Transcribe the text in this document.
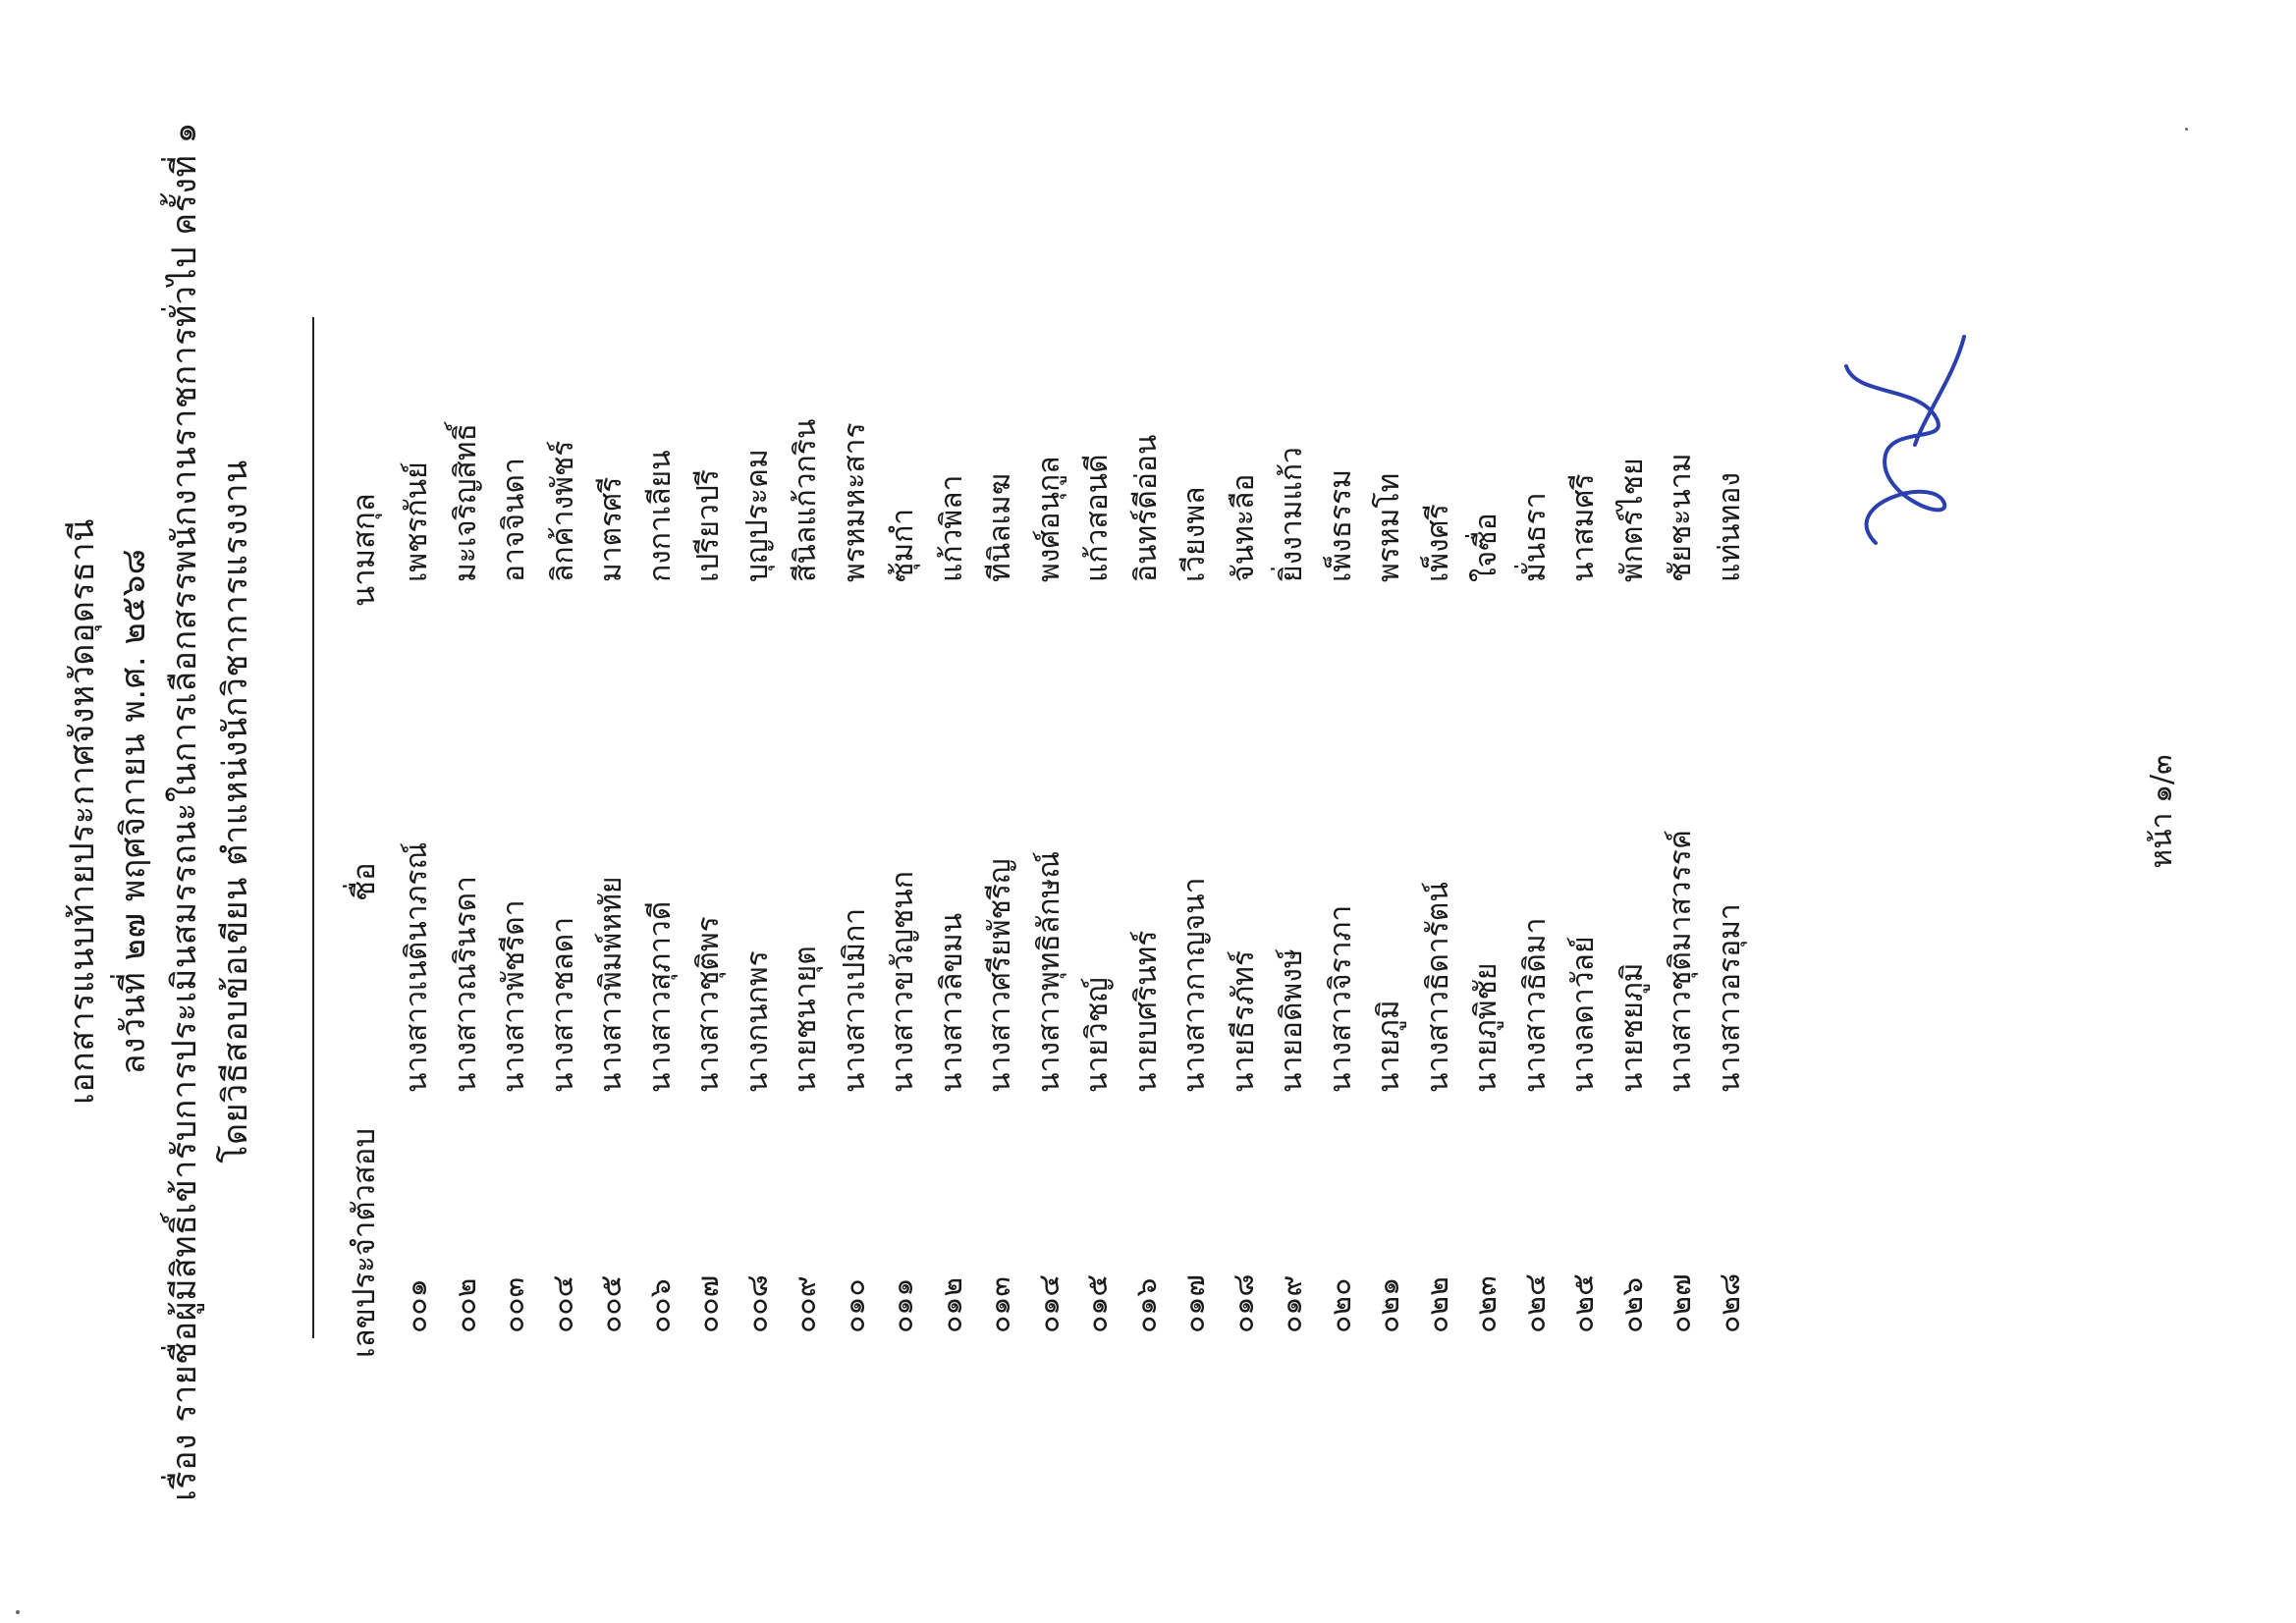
เอกสารแนบท้ายประกาศจังหวัดอุดรธานี ลงวันที่ ๒๗ พฤศจิกายน พ.ศ. ๒๕๖๘ เรื่อง รายชื่อผู้มีสิทธิ์เข้ารับการประเมินสมรรถนะในการเลือกสรรพนักงานราชการทั่วไป ครั้งที่ ๑ โดยวิธีสอบข้อเขียน ตำแหน่งนักวิชาการแรงงาน
เลขประจำตัวสอบ
ชื่อ
นามสกุล
๐๐๑
นางสาวเนตินาภรณ์
เพชรกันย์
๐๐๒
นางสาวณรินรดา
มะเจริญสิทธิ์
๐๐๓
นางสาวพัชรีดา
อาจจินดา
๐๐๔
นางสาวชลดา
ลิกค้างพัชร์
๐๐๕
นางสาวพิมพ์หทัย
มาตรศรี
๐๐๖
นางสาวสุภาวดี
กงกาเลียน
๐๐๗
นางสาวชุติพร
เปรียวปรี
๐๐๘
นางกนกพร
บุญประคม
๐๐๙
นายชนายุต
สีนิลแก้วกริน
๐๑๐
นางสาวเปมิกา
พรหมหะสาร
๐๑๑
นางสาวขวัญชนก
ซุ้มกำ
๐๑๒
นางสาวลิขมน
แก้วพิลา
๐๑๓
นางสาวศรียพัชรีญ
ทีนิลเมฆ
๐๑๔
นางสาวพุทธิลักษณ์
พงศ์อนุกูล
๐๑๕
นายวิชญ์
แก้วสอนดี
๐๑๖
นายบศรินทร์
อินทร์ดีอ่อน
๐๑๗
นางสาวกาญจนา
เวียงพล
๐๑๘
นายธีรภัทร์
จันทะลือ
๐๑๙
นายอดิพงษ์
ยิ่งงามแก้ว
๐๒๐
นางสาวจิราภา
เพ็งธรรม
๐๒๑
นายภูมิ
พรหมโท
๐๒๒
นางสาวธิดารัตน์
เพ็งศรี
๐๒๓
นายภูพิชัย
ใจซื่อ
๐๒๔
นางสาวธิดิมา
มั่นธรา
๐๒๕
นางลดาวัลย์
นาสมศรี
๐๒๖
นายชยภูมิ
พักตร์ไชย
๐๒๗
นางสาวชุติมาสวรรค์
ชัยชะนาม
๐๒๘
นางสาวอรอุมา
แท่นทอง
หน้า ๑/๓
